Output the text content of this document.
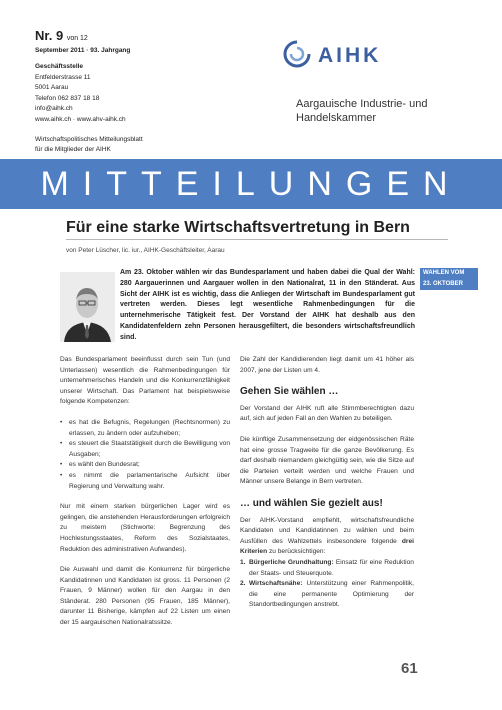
Nr. 9 von 12
September 2011 · 93. Jahrgang
Geschäftsstelle
Entfelderstrasse 11
5001 Aarau
Telefon 062 837 18 18
info@aihk.ch
www.aihk.ch · www.ahv-aihk.ch
Wirtschaftspolitisches Mitteilungsblatt
für die Mitglieder der AIHK
AIHK
Aargauische Industrie- und
Handelskammer
MITTEILUNGEN
Für eine starke Wirtschaftsvertretung in Bern
von Peter Lüscher, lic. iur., AIHK-Geschäftsleiter, Aarau
Am 23. Oktober wählen wir das Bundesparlament und haben dabei die Qual der Wahl: 280 Aargauerinnen und Aargauer wollen in den Nationalrat, 11 in den Ständerat. Aus Sicht der AIHK ist es wichtig, dass die Anliegen der Wirtschaft im Bundesparlament gut vertreten werden. Dieses legt wesentliche Rahmenbedingungen für die unternehmerische Tätigkeit fest. Der Vorstand der AIHK hat deshalb aus den Kandidatenfeldern zehn Personen herausgefiltert, die besonders wirtschaftsfreundlich sind.
WAHLEN VOM
23. OKTOBER 2011

Das Bundesparlament beeinflusst durch sein Tun (und Unterlassen) wesentlich die Rahmenbedingungen für unternehmerisches Handeln und die Konkurrenzfähigkeit unserer Wirtschaft. Das Parlament hat beispielsweise folgende Kompetenzen:

• es hat die Befugnis, Regelungen (Rechtsnormen) zu erlassen, zu ändern oder aufzuheben;
• es steuert die Staatstätigkeit durch die Bewilligung von Ausgaben;
• es wählt den Bundesrat;
• es nimmt die parlamentarische Aufsicht über Regierung und Verwaltung wahr.

Nur mit einem starken bürgerlichen Lager wird es gelingen, die anstehenden Herausforderungen erfolgreich zu meistern (Stichworte: Begrenzung des Hochlestungsstaates, Reform des Sozialstaates, Reduktion des administrativen Aufwandes).

Die Auswahl und damit die Konkurrenz für bürgerliche Kandidatinnen und Kandidaten ist gross. 11 Personen (2 Frauen, 9 Männer) wollen für den Aargau in den Ständerat. 280 Personen (95 Frauen, 185 Männer), darunter 11 Bisherige, kämpfen auf 22 Listen um einen der 15 aargauischen Nationalratssitze.

Die Zahl der Kandidierenden liegt damit um 41 höher als 2007, jene der Listen um 4.

Gehen Sie wählen …

Der Vorstand der AIHK ruft alle Stimmberechtigten dazu auf, sich auf jeden Fall an den Wahlen zu beteiligen.

Die künftige Zusammensetzung der eidgenössischen Räte hat eine grosse Tragweite für die ganze Bevölkerung. Es darf deshalb niemandem gleichgültig sein, wie die Sitze auf die Parteien verteilt werden und welche Frauen und Männer unsere Belange in Bern vertreten.

… und wählen Sie gezielt aus!

Der AIHK-Vorstand empfiehlt, wirtschaftsfreundliche Kandidaten und Kandidatinnen zu wählen und beim Ausfüllen des Wahlzettels insbesondere folgende drei Kriterien zu berücksichtigen:

1. Bürgerliche Grundhaltung: Einsatz für eine Reduktion der Staats- und Steuerquote.
2. Wirtschaftsnähe: Unterstützung einer Rahmenpolitik, die eine permanente Optimierung der Standortbedingungen anstrebt.
61
